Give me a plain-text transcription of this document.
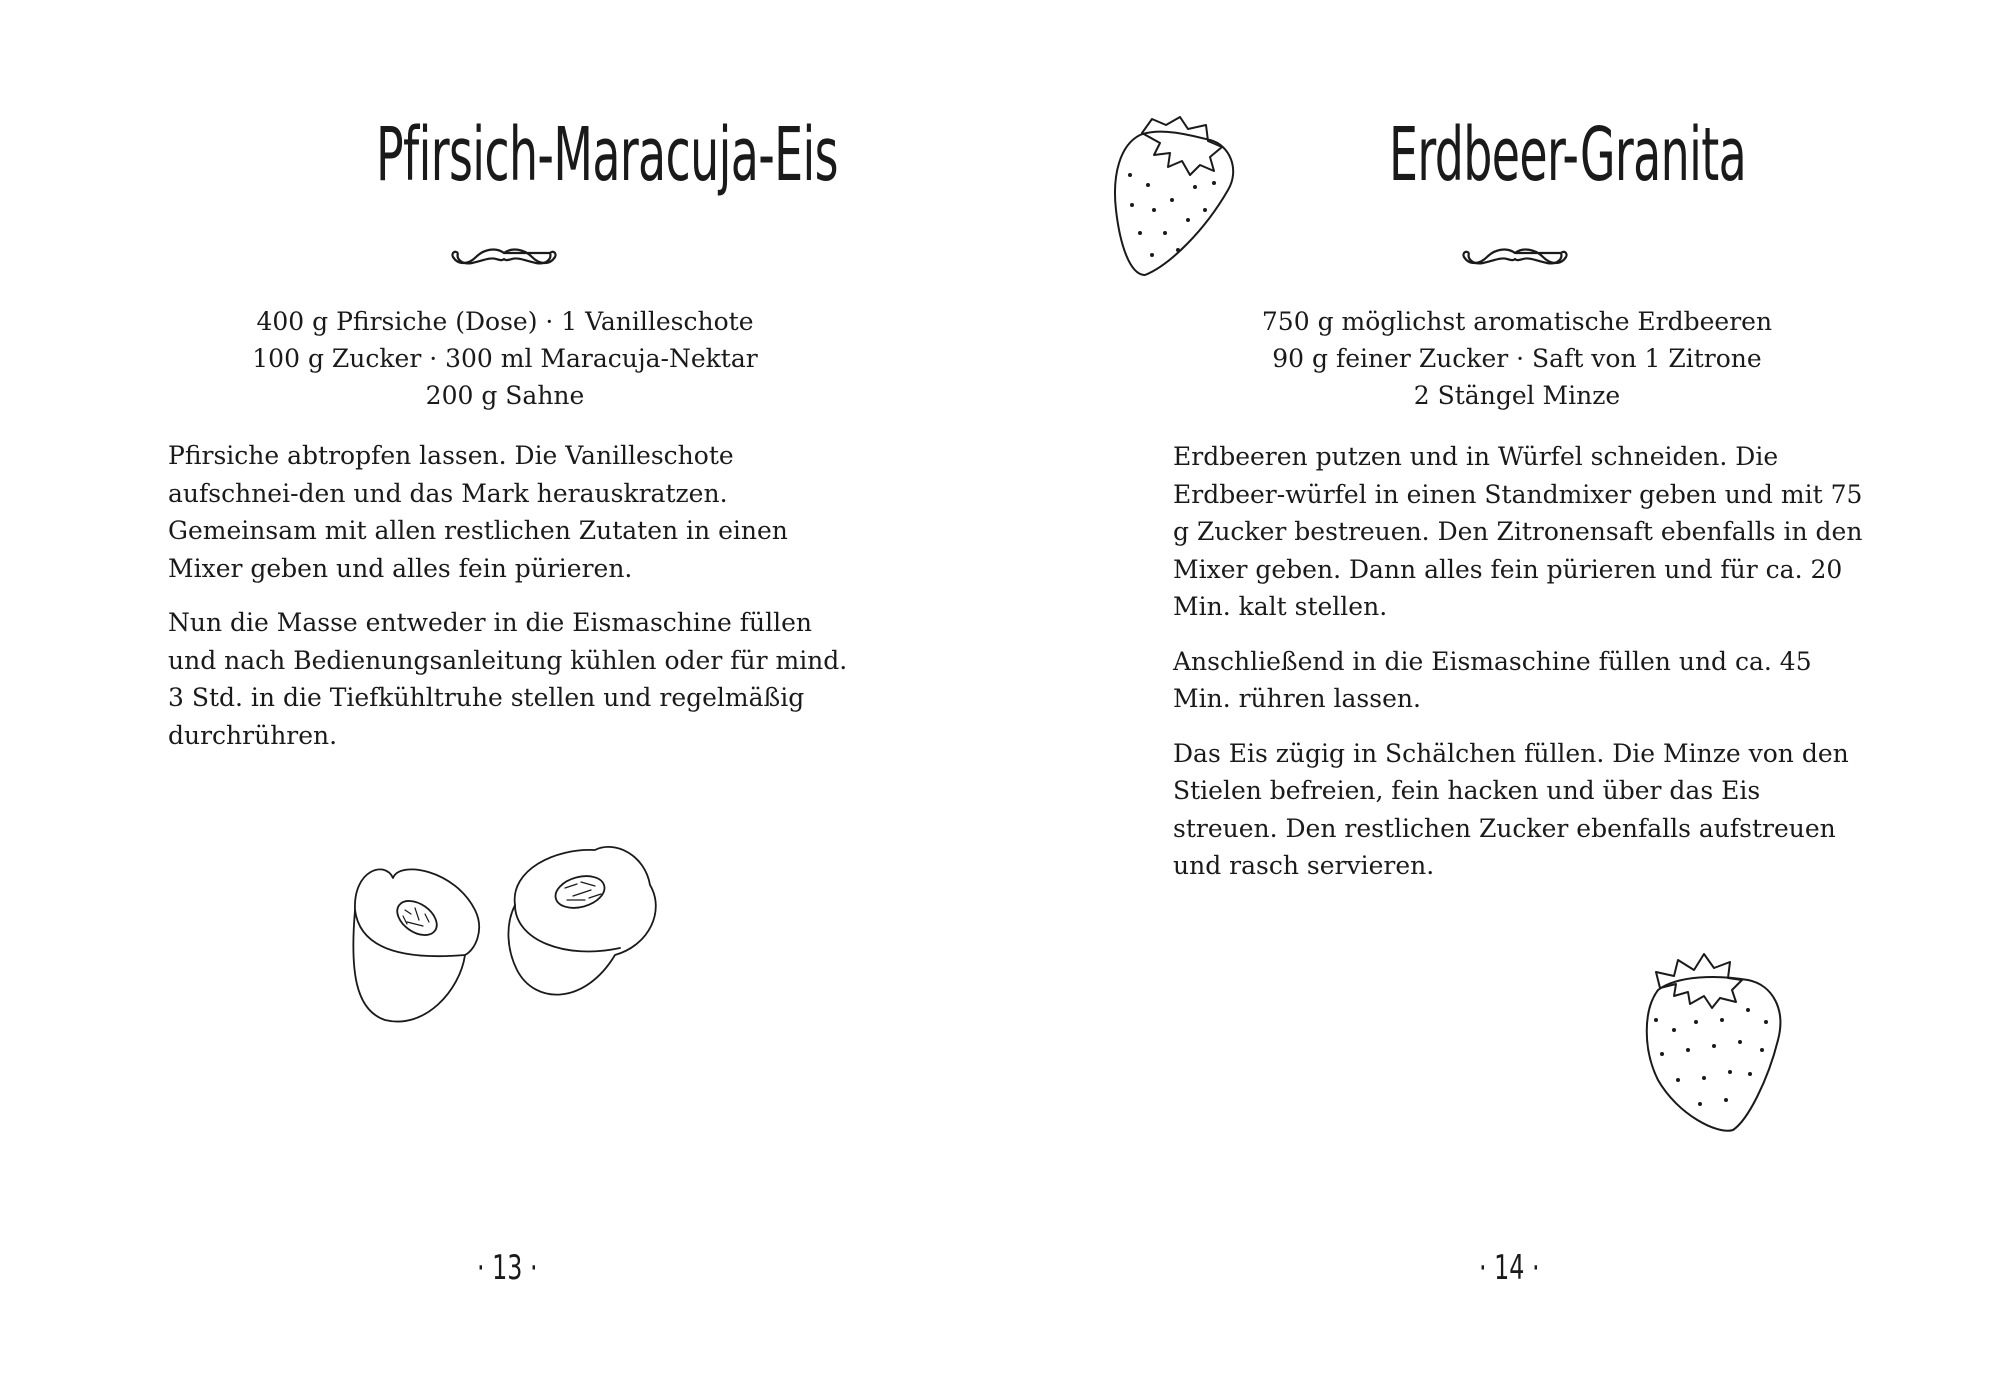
Pfirsich-Maracuja-Eis

400 g Pfirsiche (Dose) · 1 Vanilleschote

100 g Zucker · 300 ml Maracuja-Nektar

200 g Sahne

Pfirsiche abtropfen lassen. Die Vanilleschote aufschnei-den und das Mark herauskratzen. Gemeinsam mit allen restlichen Zutaten in einen Mixer geben und alles fein pürieren.

Nun die Masse entweder in die Eismaschine füllen und nach Bedienungsanleitung kühlen oder für mind. 3 Std. in die Tiefkühltruhe stellen und regelmäßig durchrühren.

· 13 ·
Erdbeer-Granita

750 g möglichst aromatische Erdbeeren

90 g feiner Zucker · Saft von 1 Zitrone

2 Stängel Minze

Erdbeeren putzen und in Würfel schneiden. Die Erdbeer-würfel in einen Standmixer geben und mit 75 g Zucker bestreuen. Den Zitronensaft ebenfalls in den Mixer geben. Dann alles fein pürieren und für ca. 20 Min. kalt stellen.

Anschließend in die Eismaschine füllen und ca. 45 Min. rühren lassen.

Das Eis zügig in Schälchen füllen. Die Minze von den Stielen befreien, fein hacken und über das Eis streuen. Den restlichen Zucker ebenfalls aufstreuen und rasch servieren.

· 14 ·
